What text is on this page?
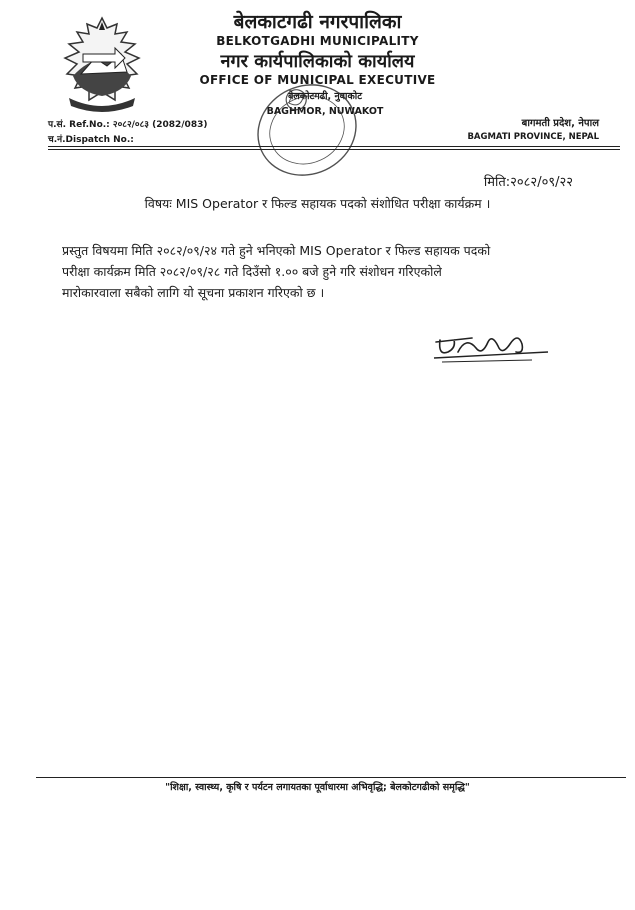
बेलकाटगढी नगरपालिका
BELKOTGADHI MUNICIPALITY
नगर कार्यपालिकाको कार्यालय
OFFICE OF MUNICIPAL EXECUTIVE
बेलकोटगढी, नुवाकोट
BAGHMOR, NUWAKOT
प.सं. Ref.No.: २०८२/०८३ (2082/083)
च.नं.Dispatch No.:
बागमती प्रदेश, नेपाल
BAGMATI PROVINCE, NEPAL
मिति:२०८२/०९/२२
विषयः MIS Operator र फिल्ड सहायक पदको संशोधित परीक्षा कार्यक्रम ।
प्रस्तुत विषयमा मिति २०८२/०९/२४ गते हुने भनिएको MIS Operator र फिल्ड सहायक पदको
परीक्षा कार्यक्रम मिति २०८२/०९/२८ गते दिउँसो १.०० बजे हुने गरि संशोधन गरिएकोले
मारोकारवाला सबैको लागि यो सूचना प्रकाशन गरिएको छ ।
"शिक्षा, स्वास्थ्य, कृषि र पर्यटन लगायतका पूर्वाधारमा अभिवृद्धि; बेलकोटगढीको समृद्धि"
